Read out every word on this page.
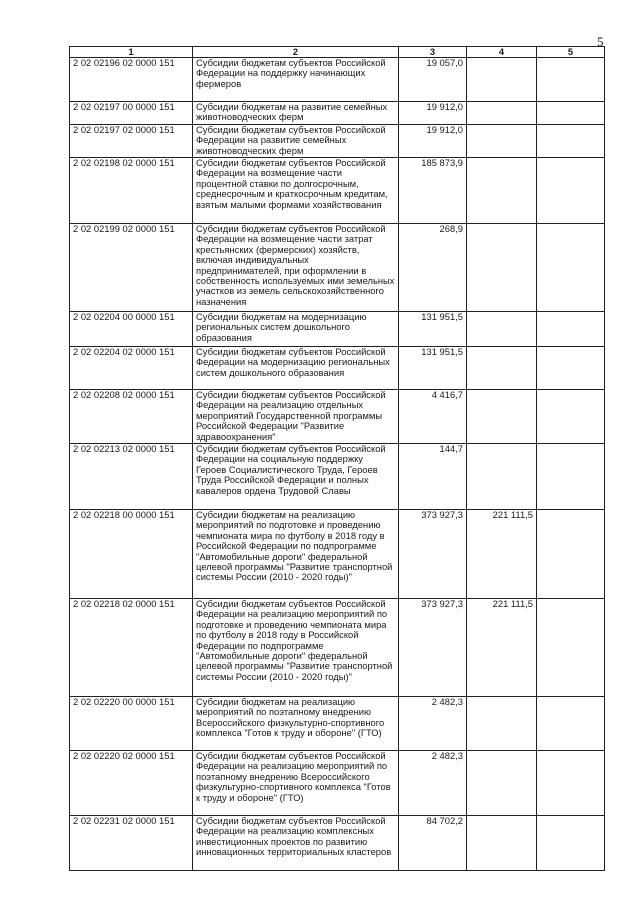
5
1	2	3	4	5
2 02 02196 02 0000 151	Субсидии бюджетам субъектов Российской Федерации на поддержку начинающих фермеров	19 057,0		
2 02 02197 00 0000 151	Субсидии бюджетам на развитие семейных животноводческих ферм	19 912,0		
2 02 02197 02 0000 151	Субсидии бюджетам субъектов Российской Федерации на развитие семейных животноводческих ферм	19 912,0		
2 02 02198 02 0000 151	Субсидии бюджетам субъектов Российской Федерации на возмещение части процентной ставки по долгосрочным, среднесрочным и краткосрочным кредитам, взятым малыми формами хозяйствования	185 873,9		
2 02 02199 02 0000 151	Субсидии бюджетам субъектов Российской Федерации на возмещение части затрат крестьянских (фермерских) хозяйств, включая индивидуальных предпринимателей, при оформлении в собственность используемых ими земельных участков из земель сельскохозяйственного назначения	268,9		
2 02 02204 00 0000 151	Субсидии бюджетам на модернизацию региональных систем дошкольного образования	131 951,5		
2 02 02204 02 0000 151	Субсидии бюджетам субъектов Российской Федерации на модернизацию региональных систем дошкольного образования	131 951,5		
2 02 02208 02 0000 151	Субсидии бюджетам субъектов Российской Федерации на реализацию отдельных мероприятий Государственной программы Российской Федерации "Развитие здравоохранения"	4 416,7		
2 02 02213 02 0000 151	Субсидии бюджетам субъектов Российской Федерации на социальную поддержку Героев Социалистического Труда, Героев Труда Российской Федерации и полных кавалеров ордена Трудовой Славы	144,7		
2 02 02218 00 0000 151	Субсидии бюджетам на реализацию мероприятий по подготовке и проведению чемпионата мира по футболу в 2018 году в Российской Федерации по подпрограмме "Автомобильные дороги" федеральной целевой программы "Развитие транспортной системы России (2010 - 2020 годы)"	373 927,3	221 111,5	
2 02 02218 02 0000 151	Субсидии бюджетам субъектов Российской Федерации на реализацию мероприятий по подготовке и проведению чемпионата мира по футболу в 2018 году в Российской Федерации по подпрограмме "Автомобильные дороги" федеральной целевой программы "Развитие транспортной системы России (2010 - 2020 годы)"	373 927,3	221 111,5	
2 02 02220 00 0000 151	Субсидии бюджетам на реализацию мероприятий по поэтапному внедрению Всероссийского физкультурно-спортивного комплекса "Готов к труду и обороне" (ГТО)	2 482,3		
2 02 02220 02 0000 151	Субсидии бюджетам субъектов Российской Федерации на реализацию мероприятий по поэтапному внедрению Всероссийского физкультурно-спортивного комплекса "Готов к труду и обороне" (ГТО)	2 482,3		
2 02 02231 02 0000 151	Субсидии бюджетам субъектов Российской Федерации на реализацию комплексных инвестиционных проектов по развитию инновационных территориальных кластеров	84 702,2		
